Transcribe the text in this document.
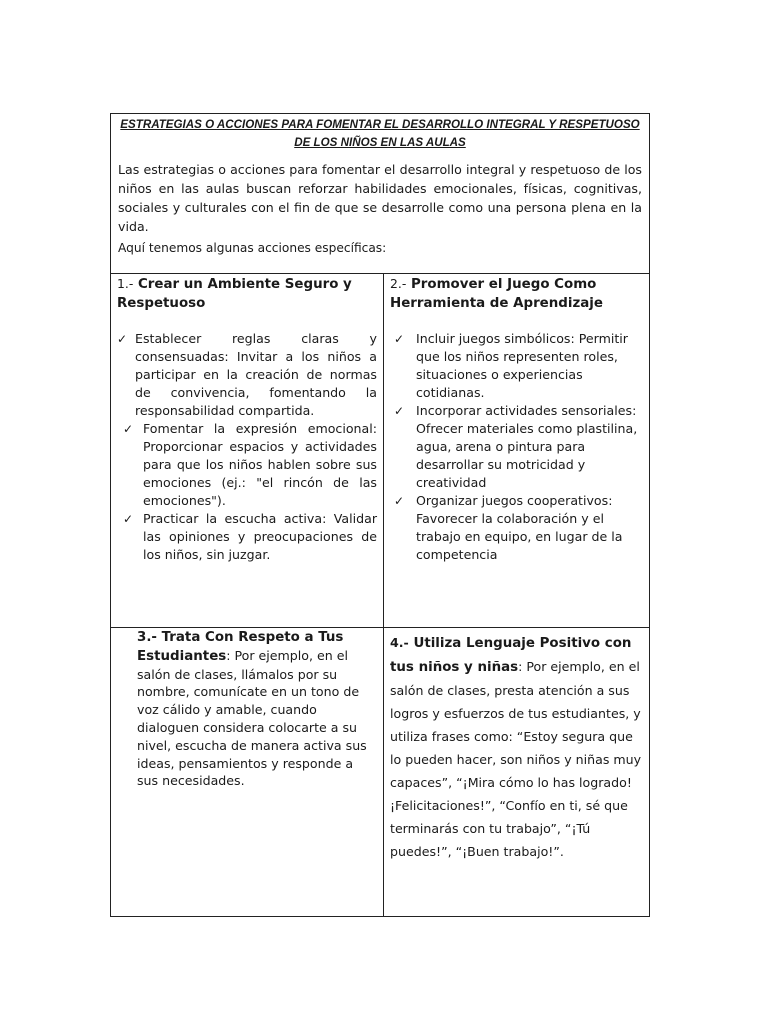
ESTRATEGIAS O ACCIONES PARA FOMENTAR EL DESARROLLO INTEGRAL Y RESPETUOSO DE LOS NIÑOS EN LAS AULAS

Las estrategias o acciones para fomentar el desarrollo integral y respetuoso de los niños en las aulas buscan reforzar habilidades emocionales, físicas, cognitivas, sociales y culturales con el fin de que se desarrolle como una persona plena en la vida.

Aquí tenemos algunas acciones específicas:

1.- Crear un Ambiente Seguro y Respetuoso

✓ Establecer reglas claras y consensuadas: Invitar a los niños a participar en la creación de normas de convivencia, fomentando la responsabilidad compartida.
✓ Fomentar la expresión emocional: Proporcionar espacios y actividades para que los niños hablen sobre sus emociones (ej.: "el rincón de las emociones").
✓ Practicar la escucha activa: Validar las opiniones y preocupaciones de los niños, sin juzgar.

2.- Promover el Juego Como Herramienta de Aprendizaje

✓ Incluir juegos simbólicos: Permitir que los niños representen roles, situaciones o experiencias cotidianas.
✓ Incorporar actividades sensoriales: Ofrecer materiales como plastilina, agua, arena o pintura para desarrollar su motricidad y creatividad
✓ Organizar juegos cooperativos: Favorecer la colaboración y el trabajo en equipo, en lugar de la competencia

3.- Trata Con Respeto a Tus Estudiantes: Por ejemplo, en el salón de clases, llámalos por su nombre, comunícate en un tono de voz cálido y amable, cuando dialoguen considera colocarte a su nivel, escucha de manera activa sus ideas, pensamientos y responde a sus necesidades.

4.- Utiliza Lenguaje Positivo con tus niños y niñas: Por ejemplo, en el salón de clases, presta atención a sus logros y esfuerzos de tus estudiantes, y utiliza frases como: “Estoy segura que lo pueden hacer, son niños y niñas muy capaces”, “¡Mira cómo lo has logrado! ¡Felicitaciones!”, “Confío en ti, sé que terminarás con tu trabajo”, “¡Tú puedes!”, “¡Buen trabajo!”.
